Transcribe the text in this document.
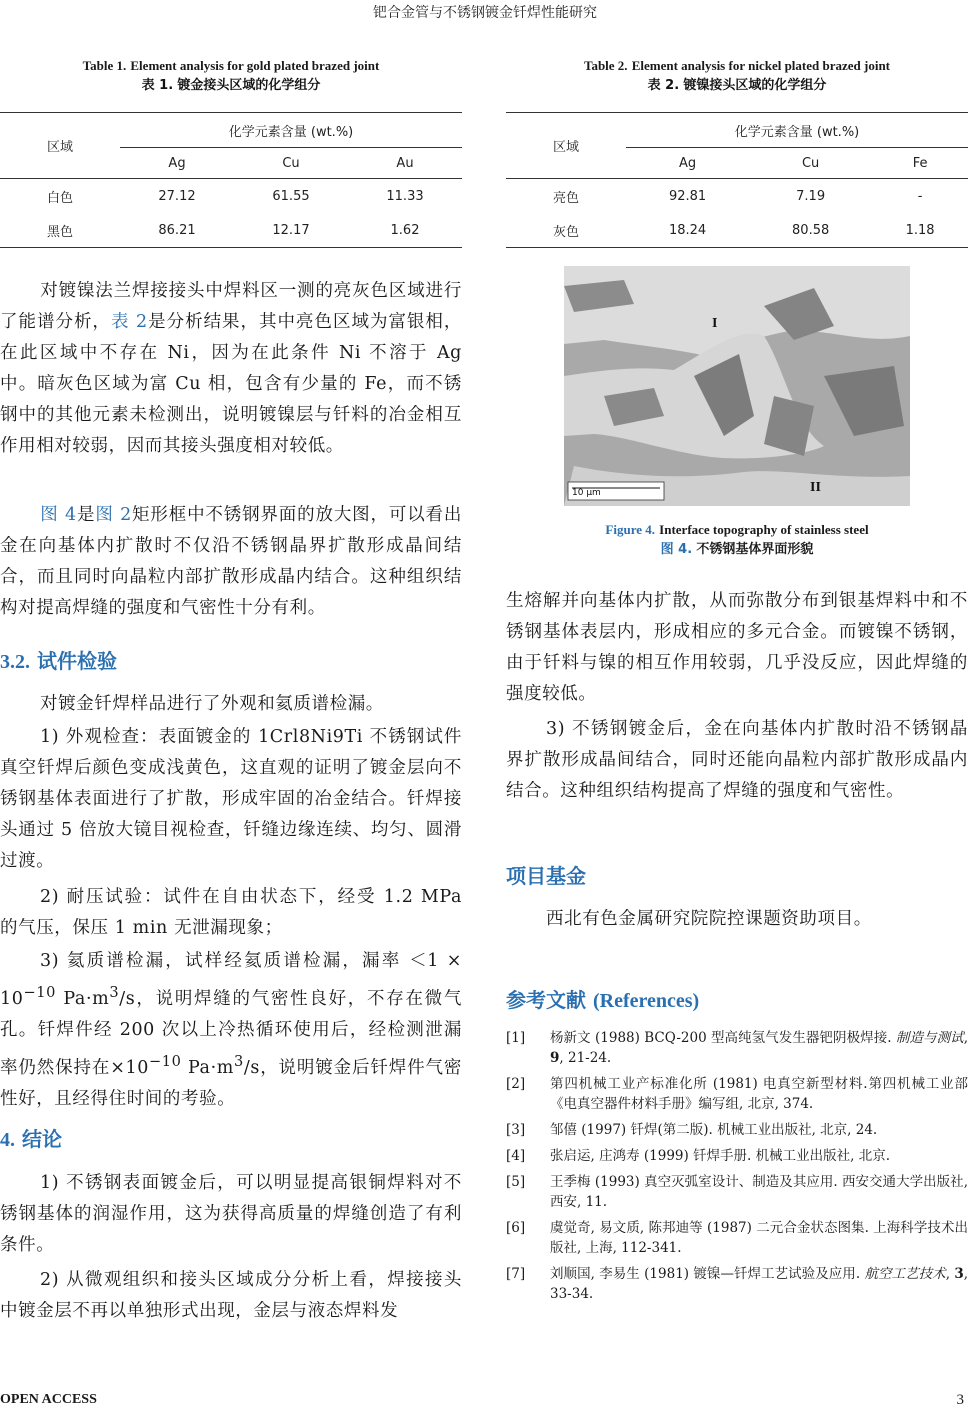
钯合金管与不锈钢镀金钎焊性能研究
Table 1. Element analysis for gold plated brazed joint
表 1. 镀金接头区域的化学组分
区域	化学元素含量 (wt.%)		
	Ag	Cu	Au
白色	27.12	61.55	11.33
黑色	86.21	12.17	1.62
对镀镍法兰焊接接头中焊料区一测的亮灰色区域进行了能谱分析，表 2是分析结果，其中亮色区域为富银相，在此区域中不存在 Ni，因为在此条件 Ni 不溶于 Ag 中。暗灰色区域为富 Cu 相，包含有少量的 Fe，而不锈钢中的其他元素未检测出，说明镀镍层与钎料的冶金相互作用相对较弱，因而其接头强度相对较低。
图 4是图 2矩形框中不锈钢界面的放大图，可以看出金在向基体内扩散时不仅沿不锈钢晶界扩散形成晶间结合，而且同时向晶粒内部扩散形成晶内结合。这种组织结构对提高焊缝的强度和气密性十分有利。
3.2. 试件检验
对镀金钎焊样品进行了外观和氦质谱检漏。
1) 外观检查：表面镀金的 1Crl8Ni9Ti 不锈钢试件真空钎焊后颜色变成浅黄色，这直观的证明了镀金层向不锈钢基体表面进行了扩散，形成牢固的冶金结合。钎焊接头通过 5 倍放大镜目视检查，钎缝边缘连续、均匀、圆滑过渡。
2) 耐压试验：试件在自由状态下，经受 1.2 MPa 的气压，保压 1 min 无泄漏现象；
3) 氦质谱检漏，试样经氦质谱检漏，漏率 $<1 \times 10^{-10}$ $Pa\cdot m^3/s$，说明焊缝的气密性良好，不存在微气孔。钎焊件经 200 次以上冷热循环使用后，经检测泄漏率仍然保持在$\times 10^{-10}$ $Pa\cdot m^3/s$，说明镀金后钎焊件气密性好，且经得住时间的考验。
4. 结论
1) 不锈钢表面镀金后，可以明显提高银铜焊料对不锈钢基体的润湿作用，这为获得高质量的焊缝创造了有利条件。
2) 从微观组织和接头区域成分分析上看，焊接接头中镀金层不再以单独形式出现，金层与液态焊料发
Table 2. Element analysis for nickel plated brazed joint
表 2. 镀镍接头区域的化学组分
区域	化学元素含量 (wt.%)		
	Ag	Cu	Fe
亮色	92.81	7.19	-
灰色	18.24	80.58	1.18
10 μm
I
II
Figure 4. Interface topography of stainless steel
图 4. 不锈钢基体界面形貌
生熔解并向基体内扩散，从而弥散分布到银基焊料中和不锈钢基体表层内，形成相应的多元合金。而镀镍不锈钢，由于钎料与镍的相互作用较弱，几乎没反应，因此焊缝的强度较低。
3) 不锈钢镀金后，金在向基体内扩散时沿不锈钢晶界扩散形成晶间结合，同时还能向晶粒内部扩散形成晶内结合。这种组织结构提高了焊缝的强度和气密性。
项目基金
西北有色金属研究院院控课题资助项目。
参考文献 (References)
[1] 杨新文 (1988) BCQ-200 型高纯氢气发生器钯阴极焊接. 制造与测试, 9, 21-24.
[2] 第四机械工业产标准化所 (1981) 电真空新型材料.第四机械工业部《电真空器件材料手册》编写组, 北京, 374.
[3] 邹僖 (1997) 钎焊(第二版). 机械工业出版社, 北京, 24.
[4] 张启运, 庄鸿寿 (1999) 钎焊手册. 机械工业出版社, 北京.
[5] 王季梅 (1993) 真空灭弧室设计、制造及其应用. 西安交通大学出版社, 西安, 11.
[6] 虞觉奇, 易文质, 陈邦迪等 (1987) 二元合金状态图集. 上海科学技术出版社, 上海, 112-341.
[7] 刘顺国, 李易生 (1981) 镀镍—钎焊工艺试验及应用. 航空工艺技术, 3, 33-34.
OPEN ACCESS	3
